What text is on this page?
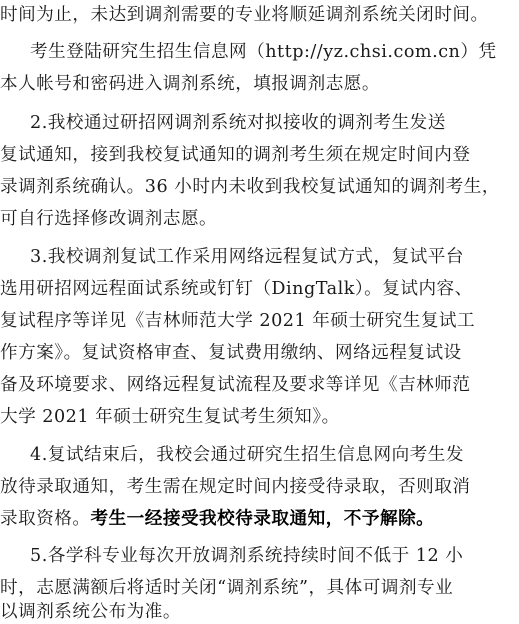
时间为止，未达到调剂需要的专业将顺延调剂系统关闭时间。
考生登陆研究生招生信息网（http://yz.chsi.com.cn）凭
本人帐号和密码进入调剂系统，填报调剂志愿。
2.我校通过研招网调剂系统对拟接收的调剂考生发送
复试通知，接到我校复试通知的调剂考生须在规定时间内登
录调剂系统确认。36 小时内未收到我校复试通知的调剂考生，
可自行选择修改调剂志愿。
3.我校调剂复试工作采用网络远程复试方式，复试平台
选用研招网远程面试系统或钉钉（DingTalk）。复试内容、
复试程序等详见《吉林师范大学 2021 年硕士研究生复试工
作方案》。复试资格审查、复试费用缴纳、网络远程复试设
备及环境要求、网络远程复试流程及要求等详见《吉林师范
大学 2021 年硕士研究生复试考生须知》。
4.复试结束后，我校会通过研究生招生信息网向考生发
放待录取通知，考生需在规定时间内接受待录取，否则取消
录取资格。考生一经接受我校待录取通知，不予解除。
5.各学科专业每次开放调剂系统持续时间不低于 12 小
时，志愿满额后将适时关闭“调剂系统”，具体可调剂专业
以调剂系统公布为准。
